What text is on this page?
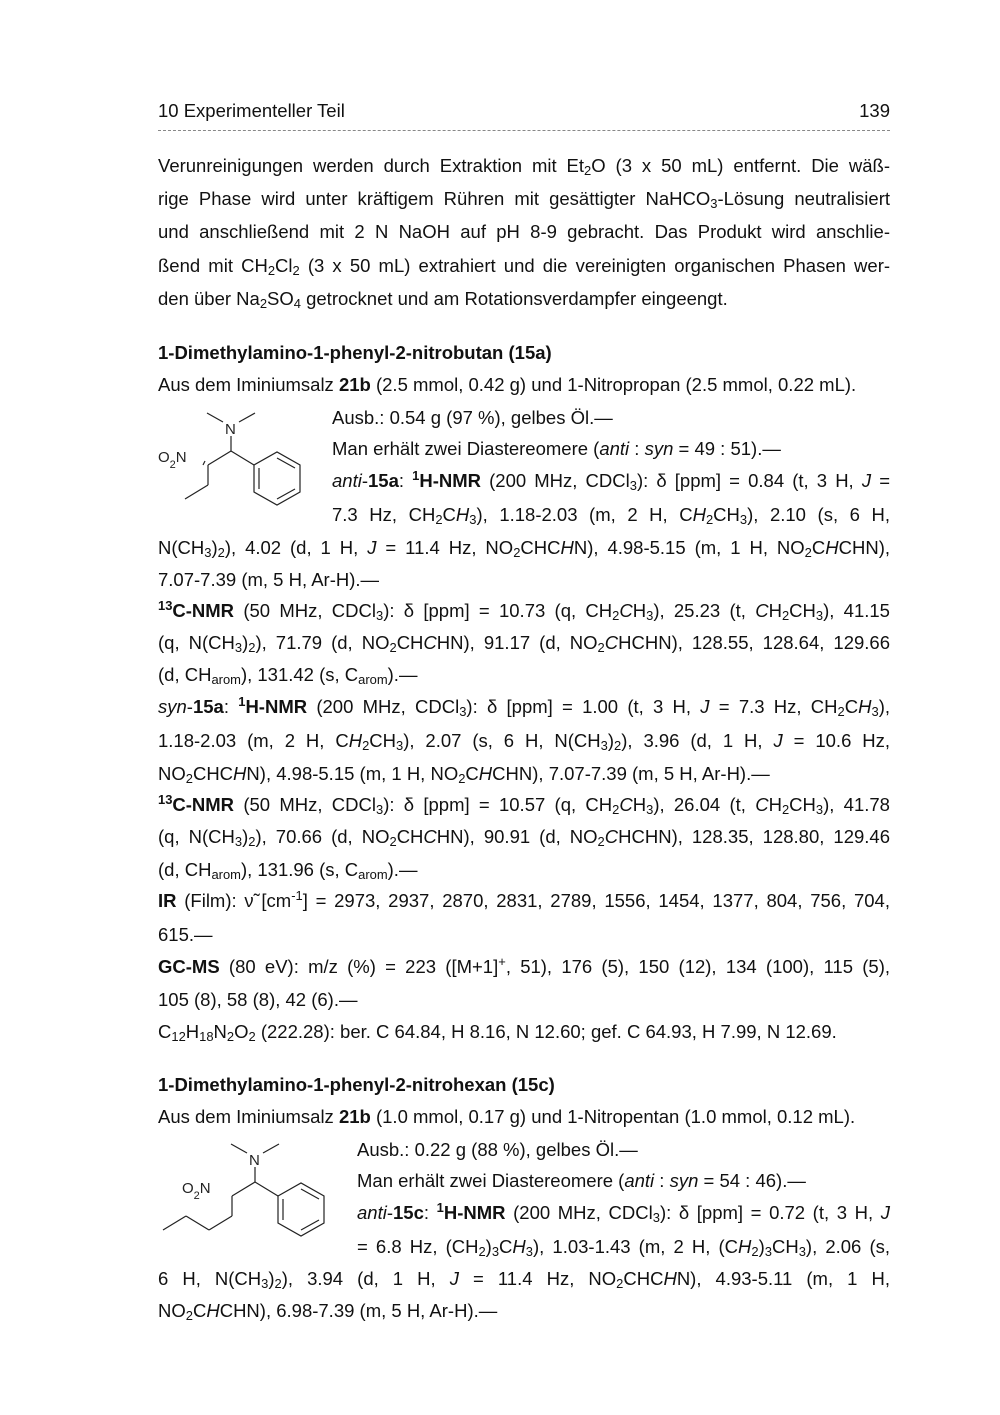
10 Experimenteller Teil	139
Verunreinigungen werden durch Extraktion mit $Et_2O$ (3 x 50 mL) entfernt. Die wäß-
rige Phase wird unter kräftigem Rühren mit gesättigter NaHCO$_3$-Lösung neutralisiert
und anschließend mit 2 N NaOH auf pH 8-9 gebracht. Das Produkt wird anschlie-
ßend mit $CH_2Cl_2$ (3 x 50 mL) extrahiert und die vereinigten organischen Phasen wer-
den über $Na_2SO_4$ getrocknet und am Rotationsverdampfer eingeengt.
1-Dimethylamino-1-phenyl-2-nitrobutan (15a)
Aus dem Iminiumsalz 21b (2.5 mmol, 0.42 g) und 1-Nitropropan (2.5 mmol, 0.22 mL).
N
$O_2N$
Ausb.: 0.54 g (97 %), gelbes Öl.—
Man erhält zwei Diastereomere (anti : syn = 49 : 51).—
anti-15a: $^1$H-NMR (200 MHz, CDCl$_3$): δ [ppm] = 0.84 (t, 3 H, J =
7.3 Hz, $CH_2CH_3$), 1.18-2.03 (m, 2 H, $CH_2CH_3$), 2.10 (s, 6 H,
$N(CH_3)_2$), 4.02 (d, 1 H, J = 11.4 Hz, $NO_2CHCHN$), 4.98-5.15 (m, 1 H, $NO_2CHCHN$),
7.07-7.39 (m, 5 H, Ar-H).—
$^{13}$C-NMR (50 MHz, CDCl$_3$): δ [ppm] = 10.73 (q, $CH_2CH_3$), 25.23 (t, $CH_2CH_3$), 41.15
(q, $N(CH_3)_2$), 71.79 (d, $NO_2CHCHN$), 91.17 (d, $NO_2CHCHN$), 128.55, 128.64, 129.66
(d, $CH_{arom}$), 131.42 (s, $C_{arom}).—$
syn-15a: $^1$H-NMR (200 MHz, CDCl$_3$): δ [ppm] = 1.00 (t, 3 H, J = 7.3 Hz, $CH_2CH_3$),
1.18-2.03 (m, 2 H, $CH_2CH_3$), 2.07 (s, 6 H, $N(CH_3)_2$), 3.96 (d, 1 H, J = 10.6 Hz,
$NO_2CHCHN$), 4.98-5.15 (m, 1 H, $NO_2CHCHN$), 7.07-7.39 (m, 5 H, Ar-H).—
$^{13}$C-NMR (50 MHz, CDCl$_3$): δ [ppm] = 10.57 (q, $CH_2CH_3$), 26.04 (t, $CH_2CH_3$), 41.78
(q, $N(CH_3)_2$), 70.66 (d, $NO_2CHCHN$), 90.91 (d, $NO_2CHCHN$), 128.35, 128.80, 129.46
(d, $CH_{arom}$), 131.96 (s, $C_{arom}).—$
IR (Film): ν̃ $[cm^{-1}] = 2973$, 2937, 2870, 2831, 2789, 1556, 1454, 1377, 804, 756, 704,
615.—
GC-MS (80 eV): m/z (%) = 223 ([M+1]+, 51), 176 (5), 150 (12), 134 (100), 115 (5),
105 (8), 58 (8), 42 (6).—
$C_{12}H_{18}N_2O_2$ (222.28): ber. C 64.84, H 8.16, N 12.60; gef. C 64.93, H 7.99, N 12.69.
1-Dimethylamino-1-phenyl-2-nitrohexan (15c)
Aus dem Iminiumsalz 21b (1.0 mmol, 0.17 g) und 1-Nitropentan (1.0 mmol, 0.12 mL).
N
$O_2N$
Ausb.: 0.22 g (88 %), gelbes Öl.—
Man erhält zwei Diastereomere (anti : syn = 54 : 46).—
anti-15c: $^1$H-NMR (200 MHz, CDCl$_3$): δ [ppm] = 0.72 (t, 3 H, J
= 6.8 Hz, $(CH_2)_3CH_3$), 1.03-1.43 (m, 2 H, $(CH_2)_3CH_3$), 2.06 (s,
6 H, $N(CH_3)_2$), 3.94 (d, 1 H, J = 11.4 Hz, $NO_2CHCHN$), 4.93-5.11 (m, 1 H,
$NO_2CHCHN$), 6.98-7.39 (m, 5 H, Ar-H).—
